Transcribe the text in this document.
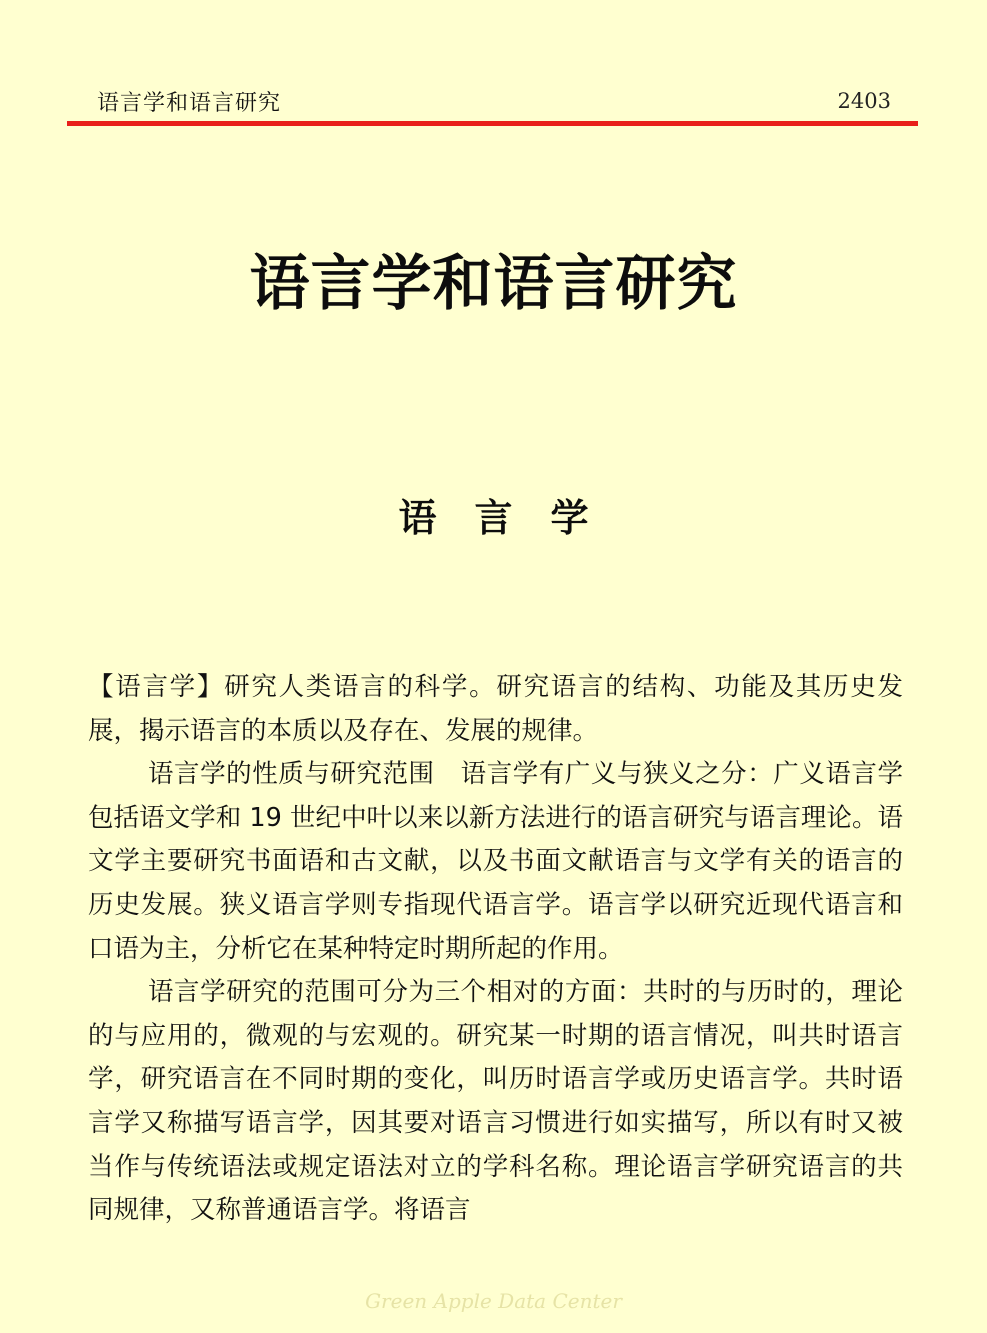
语言学和语言研究	2403
语言学和语言研究
语言学

【语言学】研究人类语言的科学。研究语言的结构、功能及其历史发展，揭示语言的本质以及存在、发展的规律。

语言学的性质与研究范围　语言学有广义与狭义之分：广义语言学包括语文学和 19 世纪中叶以来以新方法进行的语言研究与语言理论。语文学主要研究书面语和古文献，以及书面文献语言与文学有关的语言的历史发展。狭义语言学则专指现代语言学。语言学以研究近现代语言和口语为主，分析它在某种特定时期所起的作用。

语言学研究的范围可分为三个相对的方面：共时的与历时的，理论的与应用的，微观的与宏观的。研究某一时期的语言情况，叫共时语言学，研究语言在不同时期的变化，叫历时语言学或历史语言学。共时语言学又称描写语言学，因其要对语言习惯进行如实描写，所以有时又被当作与传统语法或规定语法对立的学科名称。理论语言学研究语言的共同规律，又称普通语言学。将语言

Green Apple Data Center
